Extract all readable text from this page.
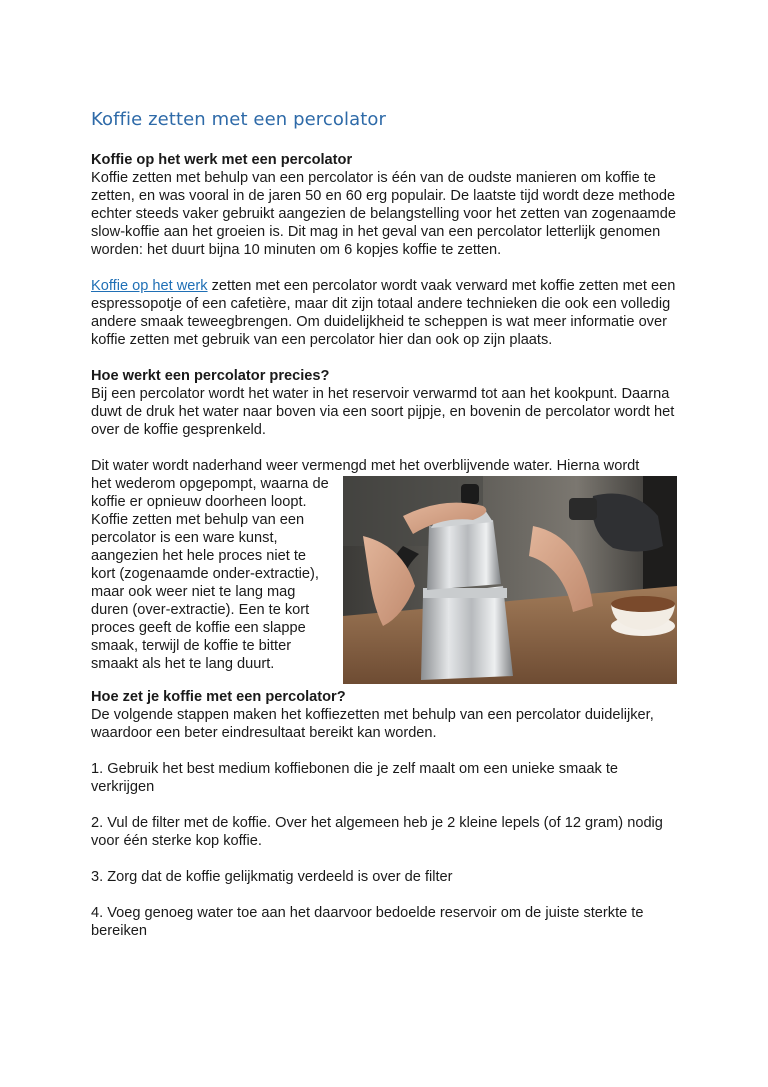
Koffie zetten met een percolator

Koffie op het werk met een percolator

Koffie zetten met behulp van een percolator is één van de oudste manieren om koffie te zetten, en was vooral in de jaren 50 en 60 erg populair. De laatste tijd wordt deze methode echter steeds vaker gebruikt aangezien de belangstelling voor het zetten van zogenaamde slow-koffie aan het groeien is. Dit mag in het geval van een percolator letterlijk genomen worden: het duurt bijna 10 minuten om 6 kopjes koffie te zetten.

Koffie op het werk zetten met een percolator wordt vaak verward met koffie zetten met een espressopotje of een cafetière, maar dit zijn totaal andere technieken die ook een volledig andere smaak teweegbrengen. Om duidelijkheid te scheppen is wat meer informatie over koffie zetten met gebruik van een percolator hier dan ook op zijn plaats.

Hoe werkt een percolator precies?

Bij een percolator wordt het water in het reservoir verwarmd tot aan het kookpunt. Daarna duwt de druk het water naar boven via een soort pijpje, en bovenin de percolator wordt het over de koffie gesprenkeld.

Dit water wordt naderhand weer vermengd met het overblijvende water. Hierna wordt

het wederom opgepompt, waarna de koffie er opnieuw doorheen loopt. Koffie zetten met behulp van een percolator is een ware kunst, aangezien het hele proces niet te kort (zogenaamde onder-extractie), maar ook weer niet te lang mag duren (over-extractie). Een te kort proces geeft de koffie een slappe smaak, terwijl de koffie te bitter smaakt als het te lang duurt.

Hoe zet je koffie met een percolator?

De volgende stappen maken het koffiezetten met behulp van een percolator duidelijker, waardoor een beter eindresultaat bereikt kan worden.

1. Gebruik het best medium koffiebonen die je zelf maalt om een unieke smaak te verkrijgen

2. Vul de filter met de koffie. Over het algemeen heb je 2 kleine lepels (of 12 gram) nodig voor één sterke kop koffie.

3. Zorg dat de koffie gelijkmatig verdeeld is over de filter

4. Voeg genoeg water toe aan het daarvoor bedoelde reservoir om de juiste sterkte te bereiken
